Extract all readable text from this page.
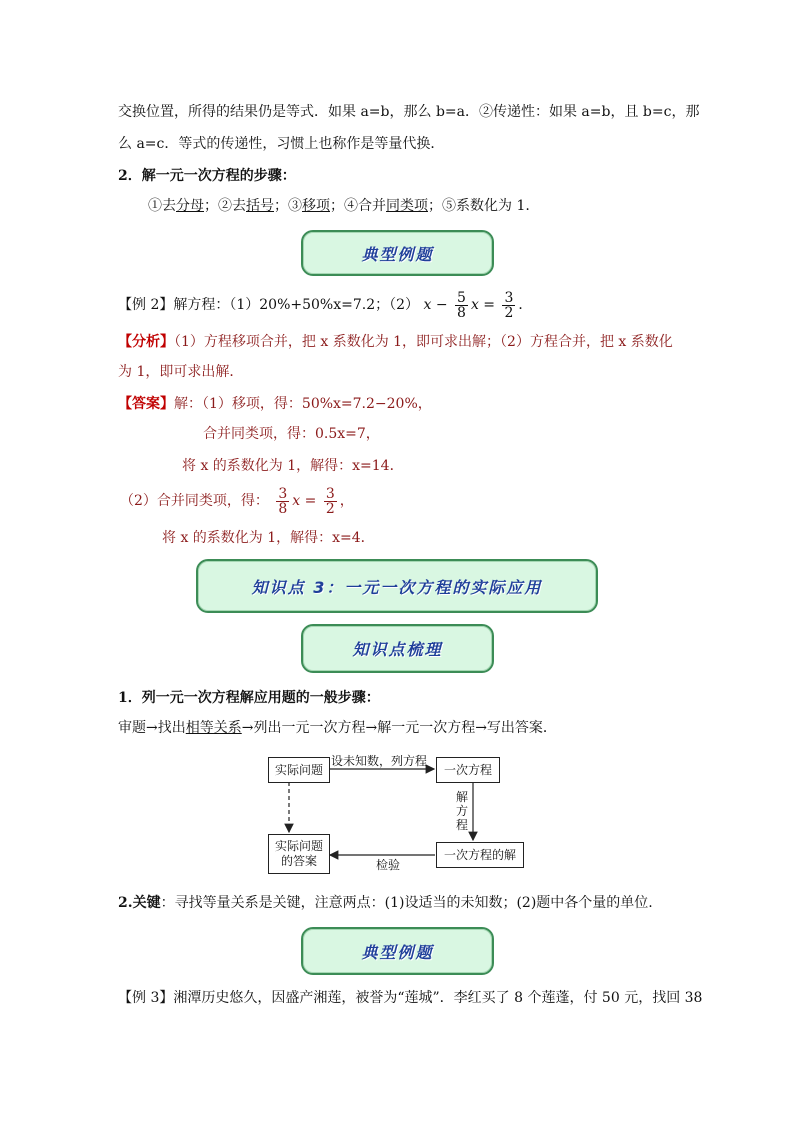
交换位置，所得的结果仍是等式．如果 a=b，那么 b=a．②传递性：如果 a=b，且 b=c，那
么 a=c．等式的传递性，习惯上也称作是等量代换．
2．解一元一次方程的步骤：
①去分母；②去括号；③移项；④合并同类项；⑤系数化为 1.
典型例题
【例 2】解方程：（1）20%+50%x=7.2；（2） $x - \frac{5}{8}$ $x = \frac{3}{2}$ ．
【分析】（1）方程移项合并，把 x 系数化为 1，即可求出解；（2）方程合并，把 x 系数化
为 1，即可求出解．
【答案】解：（1）移项，得：50%x=7.2−20%，
合并同类项，得：0.5x=7，
将 x 的系数化为 1，解得：x=14．
（2）合并同类项，得： $\frac{3}{8}$ $x = \frac{3}{2}$ ，
将 x 的系数化为 1，解得：x=4．
知识点 3：一元一次方程的实际应用
知识点梳理
1．列一元一次方程解应用题的一般步骤：
审题→找出相等关系→列出一元一次方程→解一元一次方程→写出答案．
实际问题	一次方程
一次方程的解
实际问题
的答案
设未知数，列方程
解
方
程
检验
2.关键：寻找等量关系是关键，注意两点：(1)设适当的未知数；(2)题中各个量的单位.
典型例题
【例 3】湘潭历史悠久，因盛产湘莲，被誉为“莲城”．李红买了 8 个莲蓬，付 50 元，找回 38
